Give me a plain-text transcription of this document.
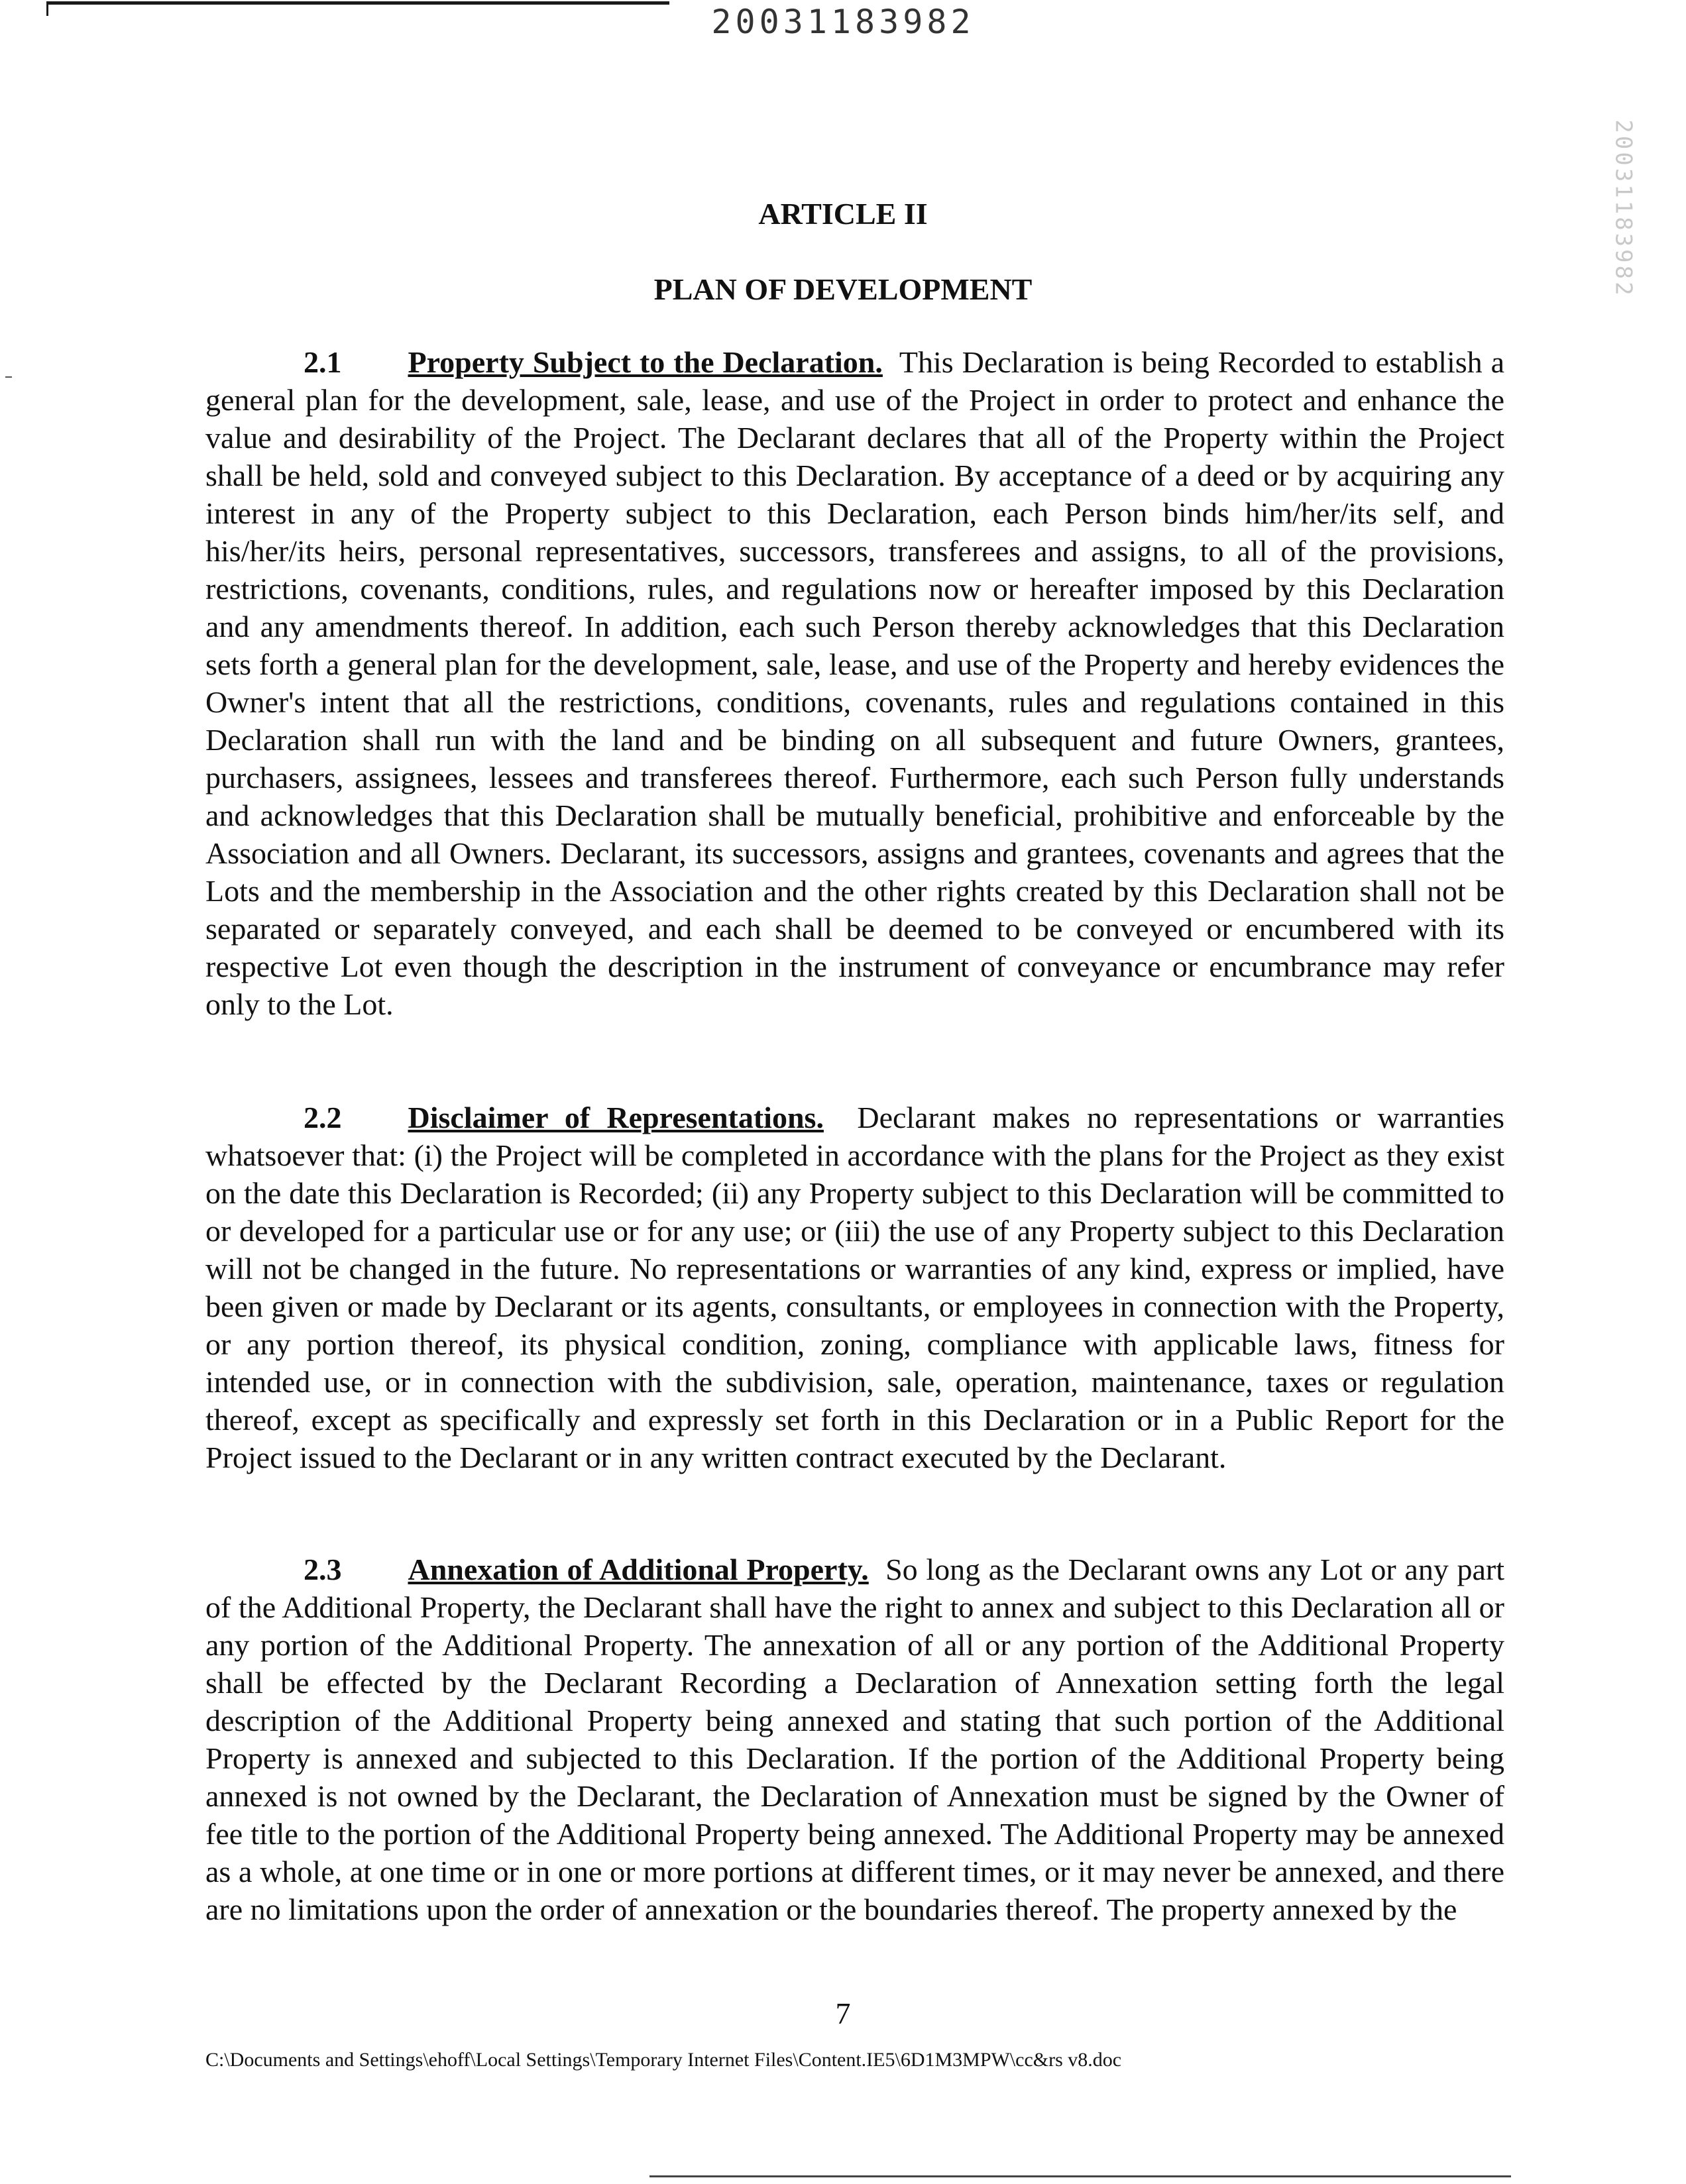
20031183982
20031183982
ARTICLE II
PLAN OF DEVELOPMENT

2.1 Property Subject to the Declaration. This Declaration is being Recorded to establish a general plan for the development, sale, lease, and use of the Project in order to protect and enhance the value and desirability of the Project. The Declarant declares that all of the Property within the Project shall be held, sold and conveyed subject to this Declaration. By acceptance of a deed or by acquiring any interest in any of the Property subject to this Declaration, each Person binds him/her/its self, and his/her/its heirs, personal representatives, successors, transferees and assigns, to all of the provisions, restrictions, covenants, conditions, rules, and regulations now or hereafter imposed by this Declaration and any amendments thereof. In addition, each such Person thereby acknowledges that this Declaration sets forth a general plan for the development, sale, lease, and use of the Property and hereby evidences the Owner's intent that all the restrictions, conditions, covenants, rules and regulations contained in this Declaration shall run with the land and be binding on all subsequent and future Owners, grantees, purchasers, assignees, lessees and transferees thereof. Furthermore, each such Person fully understands and acknowledges that this Declaration shall be mutually beneficial, prohibitive and enforceable by the Association and all Owners. Declarant, its successors, assigns and grantees, covenants and agrees that the Lots and the membership in the Association and the other rights created by this Declaration shall not be separated or separately conveyed, and each shall be deemed to be conveyed or encumbered with its respective Lot even though the description in the instrument of conveyance or encumbrance may refer only to the Lot.

2.2 Disclaimer of Representations. Declarant makes no representations or warranties whatsoever that: (i) the Project will be completed in accordance with the plans for the Project as they exist on the date this Declaration is Recorded; (ii) any Property subject to this Declaration will be committed to or developed for a particular use or for any use; or (iii) the use of any Property subject to this Declaration will not be changed in the future. No representations or warranties of any kind, express or implied, have been given or made by Declarant or its agents, consultants, or employees in connection with the Property, or any portion thereof, its physical condition, zoning, compliance with applicable laws, fitness for intended use, or in connection with the subdivision, sale, operation, maintenance, taxes or regulation thereof, except as specifically and expressly set forth in this Declaration or in a Public Report for the Project issued to the Declarant or in any written contract executed by the Declarant.

2.3 Annexation of Additional Property. So long as the Declarant owns any Lot or any part of the Additional Property, the Declarant shall have the right to annex and subject to this Declaration all or any portion of the Additional Property. The annexation of all or any portion of the Additional Property shall be effected by the Declarant Recording a Declaration of Annexation setting forth the legal description of the Additional Property being annexed and stating that such portion of the Additional Property is annexed and subjected to this Declaration. If the portion of the Additional Property being annexed is not owned by the Declarant, the Declaration of Annexation must be signed by the Owner of fee title to the portion of the Additional Property being annexed. The Additional Property may be annexed as a whole, at one time or in one or more portions at different times, or it may never be annexed, and there are no limitations upon the order of annexation or the boundaries thereof. The property annexed by the

7
C:\Documents and Settings\ehoff\Local Settings\Temporary Internet Files\Content.IE5\6D1M3MPW\cc&rs v8.doc
